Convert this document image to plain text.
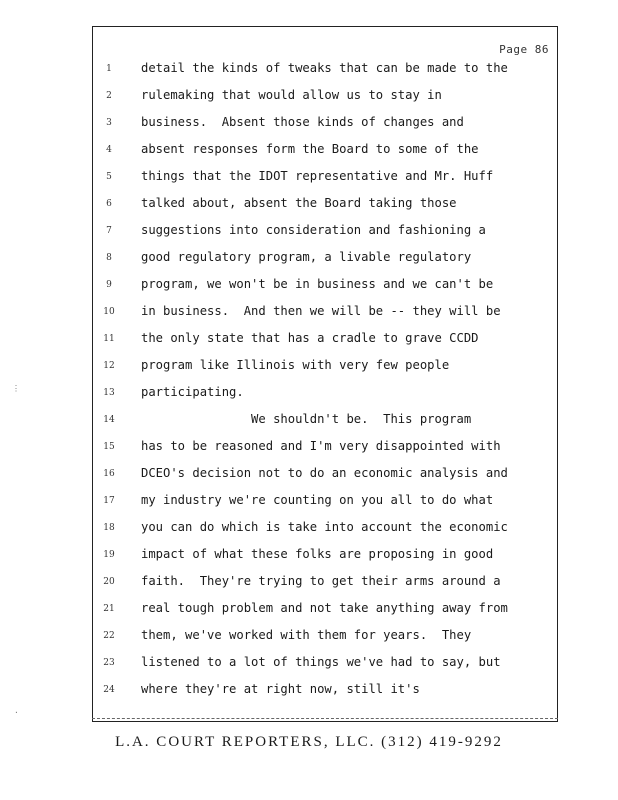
Page 86
1	detail the kinds of tweaks that can be made to the
2	rulemaking that would allow us to stay in
3	business.  Absent those kinds of changes and
4	absent responses form the Board to some of the
5	things that the IDOT representative and Mr. Huff
6	talked about, absent the Board taking those
7	suggestions into consideration and fashioning a
8	good regulatory program, a livable regulatory
9	program, we won't be in business and we can't be
10	in business.  And then we will be -- they will be
11	the only state that has a cradle to grave CCDD
12	program like Illinois with very few people
13	participating.
14	We shouldn't be.  This program
15	has to be reasoned and I'm very disappointed with
16	DCEO's decision not to do an economic analysis and
17	my industry we're counting on you all to do what
18	you can do which is take into account the economic
19	impact of what these folks are proposing in good
20	faith.  They're trying to get their arms around a
21	real tough problem and not take anything away from
22	them, we've worked with them for years.  They
23	listened to a lot of things we've had to say, but
24	where they're at right now, still it's
⋮
·
L.A. COURT REPORTERS, LLC. (312) 419-9292
